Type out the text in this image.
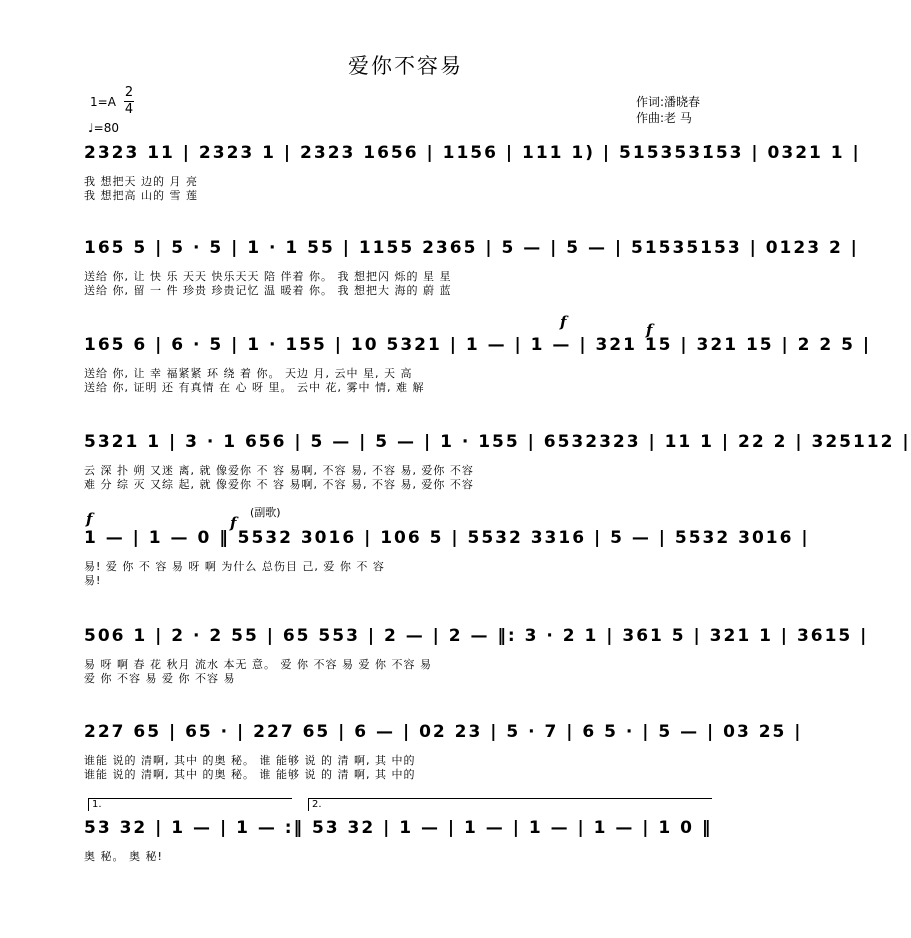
爱你不容易
1=A
2
4
♩=80
作词:潘晓春
作曲:老 马
2323 11 | 2323 1 | 2323 1656 | 1156 | 111 1) | 5153531̇53 | 0321 1 |
我 想把天 边的 月 亮
我 想把高 山的 雪 莲
165 5 | 5 · 5 | 1 · 1 55 | 1155 2365 | 5 — | 5 — | 51535153 | 0123 2 |
送给 你, 让 快 乐 天天 快乐天天 陪 伴着 你。 我 想把闪 烁的 星 星
送给 你, 留 一 件 珍贵 珍贵记忆 温 暖着 你。 我 想把大 海的 蔚 蓝
f	f
165 6 | 6 · 5 | 1 · 155 | 10 5321 | 1 — | 1 — | 321 15 | 321 15 | 2 2 5 |
送给 你, 让 幸 福紧紧 环 绕 着 你。 天边 月, 云中 星, 天 高
送给 你, 证明 还 有真情 在 心 呀 里。 云中 花, 雾中 情, 难 解
5321 1 | 3 · 1 656 | 5 — | 5 — | 1 · 155 | 6532323 | 11 1 | 22 2 | 325112 |
云 深 扑 朔 又迷 离, 就 像爱你 不 容 易啊, 不容 易, 不容 易, 爱你 不容
难 分 综 灭 又综 起, 就 像爱你 不 容 易啊, 不容 易, 不容 易, 爱你 不容
f	f
(副歌)
1 — | 1 — 0 ‖ 5532 3016 | 106 5 | 5532 3316 | 5 — | 5532 3016 |
易! 爱 你 不 容 易 呀 啊 为什么 总伤目 己, 爱 你 不 容
易!
506 1 | 2 · 2 55 | 65 553 | 2 — | 2 — ‖: 3 · 2 1 | 361 5 | 321 1 | 3615 |
易 呀 啊 春 花 秋月 流水 本无 意。 爱 你 不容 易 爱 你 不容 易
爱 你 不容 易 爱 你 不容 易
227 65 | 65 · | 227 65 | 6 — | 02 23 | 5 · 7 | 6 5 · | 5 — | 03 25 |
谁能 说的 清啊, 其中 的奥 秘。 谁 能够 说 的 清 啊, 其 中的
谁能 说的 清啊, 其中 的奥 秘。 谁 能够 说 的 清 啊, 其 中的
1.	2.
53 32 | 1 — | 1 — :‖ 53 32 | 1 — | 1 — | 1 — | 1 — | 1 0 ‖
奥 秘。 奥 秘!
